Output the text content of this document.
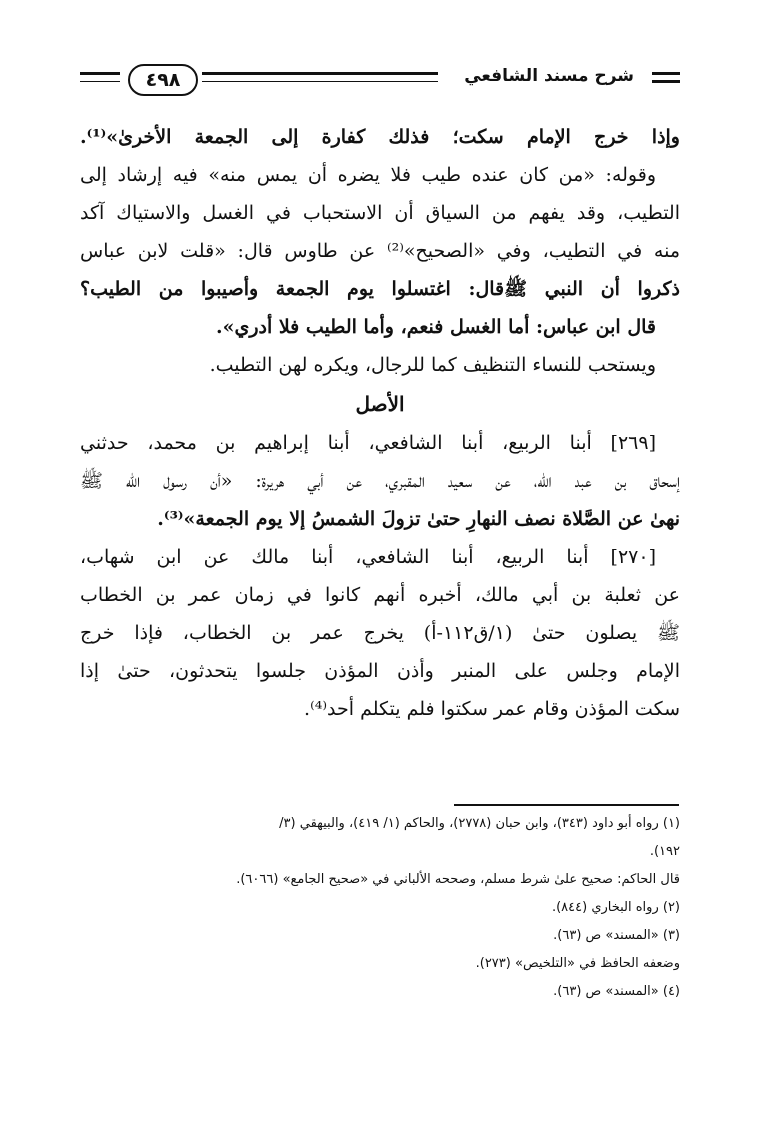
٤٩٨	شرح مسند الشافعي
وإذا خرج الإمام سكت؛ فذلك كفارة إلى الجمعة الأخرىٰ»⁽¹⁾.
وقوله: «من كان عنده طيب فلا يضره أن يمس منه» فيه إرشاد إلى
التطيب، وقد يفهم من السياق أن الاستحباب في الغسل والاستياك آكد
منه في التطيب، وفي «الصحيح»⁽²⁾ عن طاوس قال: «قلت لابن عباس
ذكروا أن النبي ﷺقال: اغتسلوا يوم الجمعة وأصيبوا من الطيب؟
قال ابن عباس: أما الغسل فنعم، وأما الطيب فلا أدري».
ويستحب للنساء التنظيف كما للرجال، ويكره لهن التطيب.
الأصل
[٢٦٩] أبنا الربيع، أبنا الشافعي، أبنا إبراهيم بن محمد، حدثني
إسحاق بن عبد الله، عن سعيد المقبري، عن أبي هريرة: «أن رسول الله ﷺ
نهىٰ عن الصَّلاة نصف النهارِ حتىٰ تزولَ الشمسُ إلا يوم الجمعة»⁽³⁾.
[٢٧٠] أبنا الربيع، أبنا الشافعي، أبنا مالك عن ابن شهاب،
عن ثعلبة بن أبي مالك، أخبره أنهم كانوا في زمان عمر بن الخطاب
ﷺ يصلون حتىٰ (١/ق١١٢-أ) يخرج عمر بن الخطاب، فإذا خرج
الإمام وجلس على المنبر وأذن المؤذن جلسوا يتحدثون، حتىٰ إذا
سكت المؤذن وقام عمر سكتوا فلم يتكلم أحد⁽⁴⁾.
(١) رواه أبو داود (٣٤٣)، وابن حبان (٢٧٧٨)، والحاكم (١/ ٤١٩)، والبيهقي (٣/
١٩٢).
قال الحاكم: صحيح علىٰ شرط مسلم، وصححه الألباني في «صحيح الجامع» (٦٠٦٦).
(٢) رواه البخاري (٨٤٤).
(٣) «المسند» ص (٦٣).
وضعفه الحافظ في «التلخيص» (٢٧٣).
(٤) «المسند» ص (٦٣).
